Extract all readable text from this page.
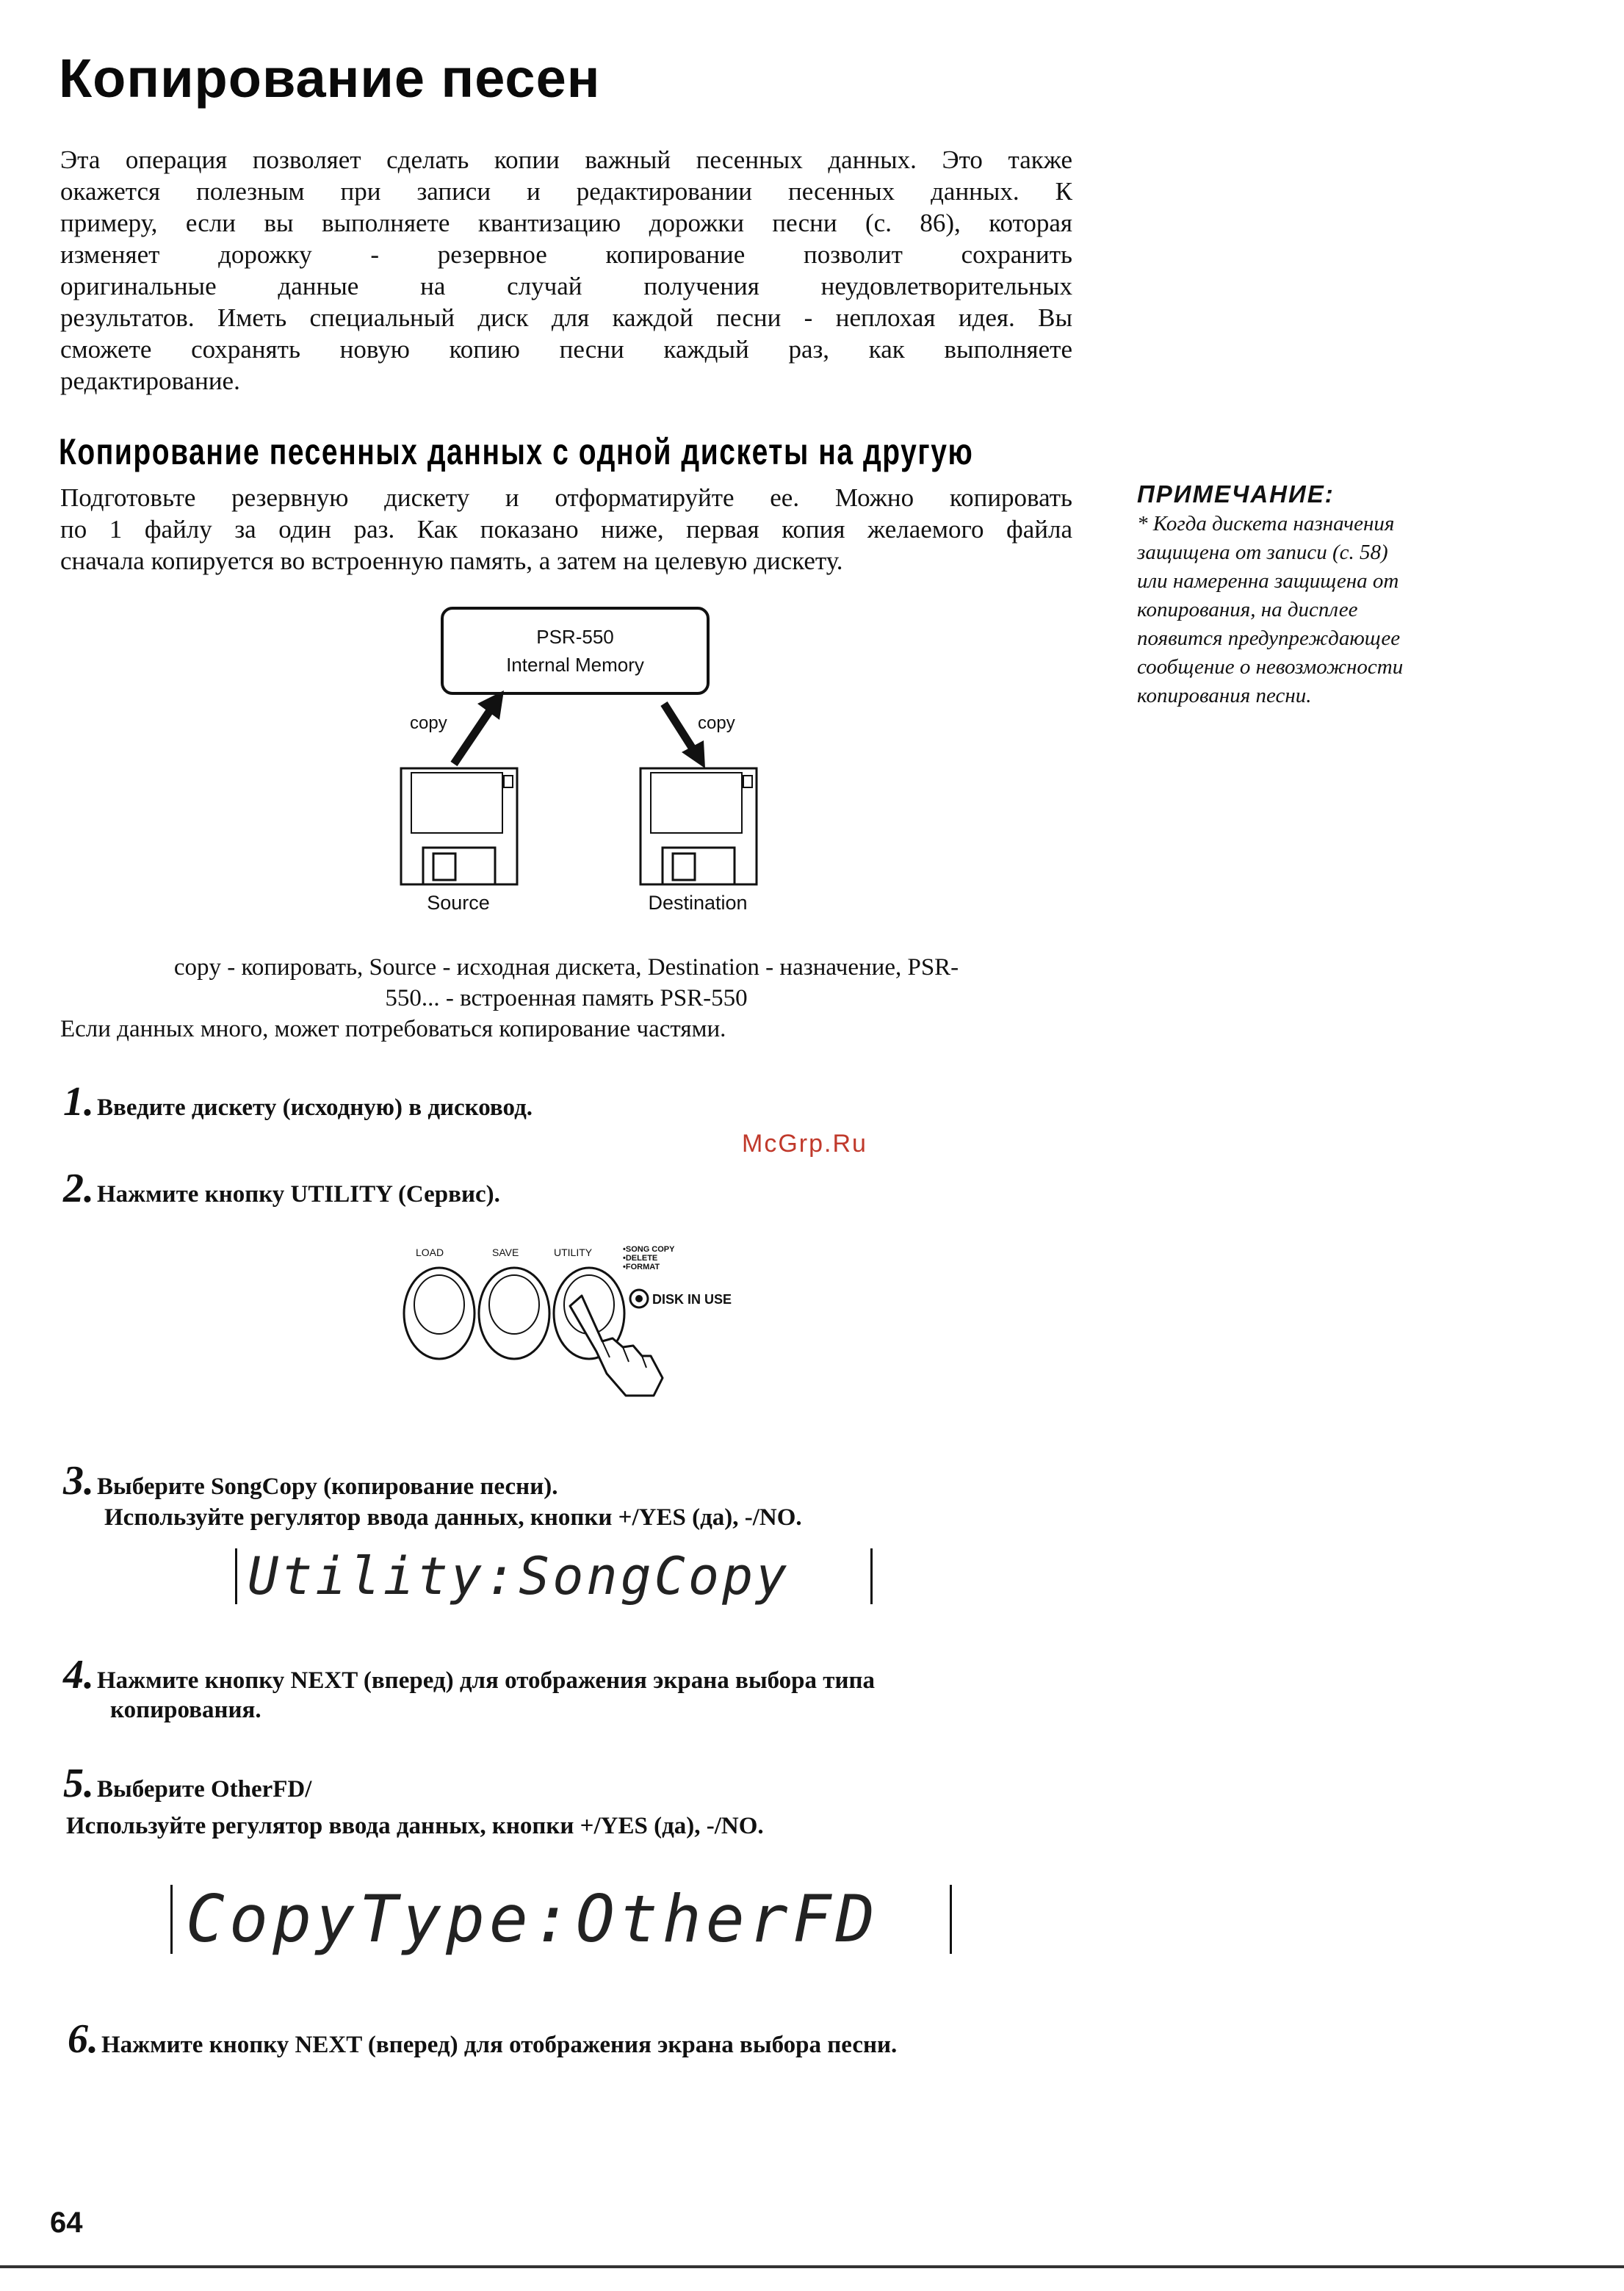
Копирование песен
Эта операция позволяет сделать копии важный песенных данных. Это также
окажется полезным при записи и редактировании песенных данных. К
примеру, если вы выполняете квантизацию дорожки песни (с. 86), которая
изменяет дорожку - резервное копирование позволит сохранить
оригинальные данные на случай получения неудовлетворительных
результатов. Иметь специальный диск для каждой песни - неплохая идея. Вы
сможете сохранять новую копию песни каждый раз, как выполняете
редактирование.
Копирование песенных данных с одной дискеты на другую
Подготовьте резервную дискету и отформатируйте ее. Можно копировать
по 1 файлу за один раз. Как показано ниже, первая копия желаемого файла
сначала копируется во встроенную память, а затем на целевую дискету.
ПРИМЕЧАНИЕ:
* Когда дискета назначения
защищена от записи (с. 58)
или намеренна защищена от
копирования, на дисплее
появится предупреждающее
сообщение о невозможности
копирования песни.
PSR-550
Internal Memory
copy	copy
Source	Destination
copy - копировать, Source - исходная дискета, Destination - назначение, PSR-
550... - встроенная память PSR-550
Если данных много, может потребоваться копирование частями.
1. Введите дискету (исходную) в дисковод.
McGrp.Ru
2. Нажмите кнопку UTILITY (Сервис).
LOAD	SAVE	UTILITY	•SONG COPY
•DELETE
•FORMAT
DISK IN USE
3. Выберите SongCopy (копирование песни).
Используйте регулятор ввода данных, кнопки +/YES (да), -/NO.
Utility:SongCopy
4. Нажмите кнопку NEXT (вперед) для отображения экрана выбора типа
копирования.
5. Выберите OtherFD/
Используйте регулятор ввода данных, кнопки +/YES (да), -/NO.
CopyType:OtherFD
6. Нажмите кнопку NEXT (вперед) для отображения экрана выбора песни.
64
